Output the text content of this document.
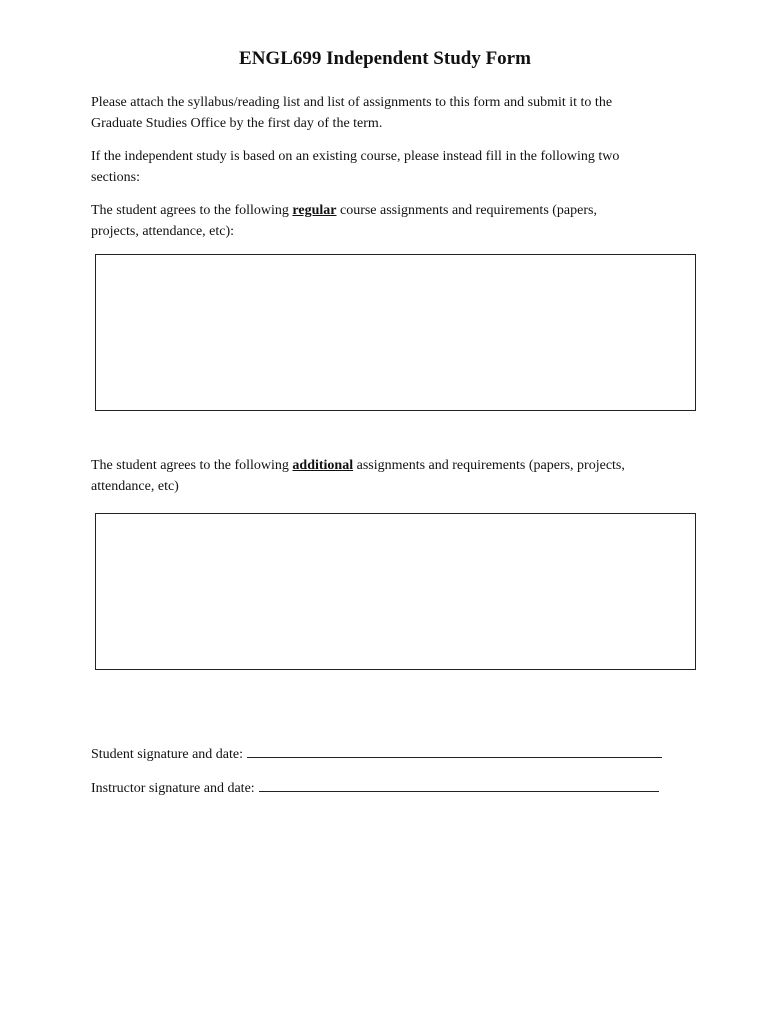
ENGL699 Independent Study Form
Please attach the syllabus/reading list and list of assignments to this form and submit it to the
Graduate Studies Office by the first day of the term.
If the independent study is based on an existing course, please instead fill in the following two
sections:
The student agrees to the following regular course assignments and requirements (papers,
projects, attendance, etc):
The student agrees to the following additional assignments and requirements (papers, projects,
attendance, etc)
Student signature and date:
Instructor signature and date:
